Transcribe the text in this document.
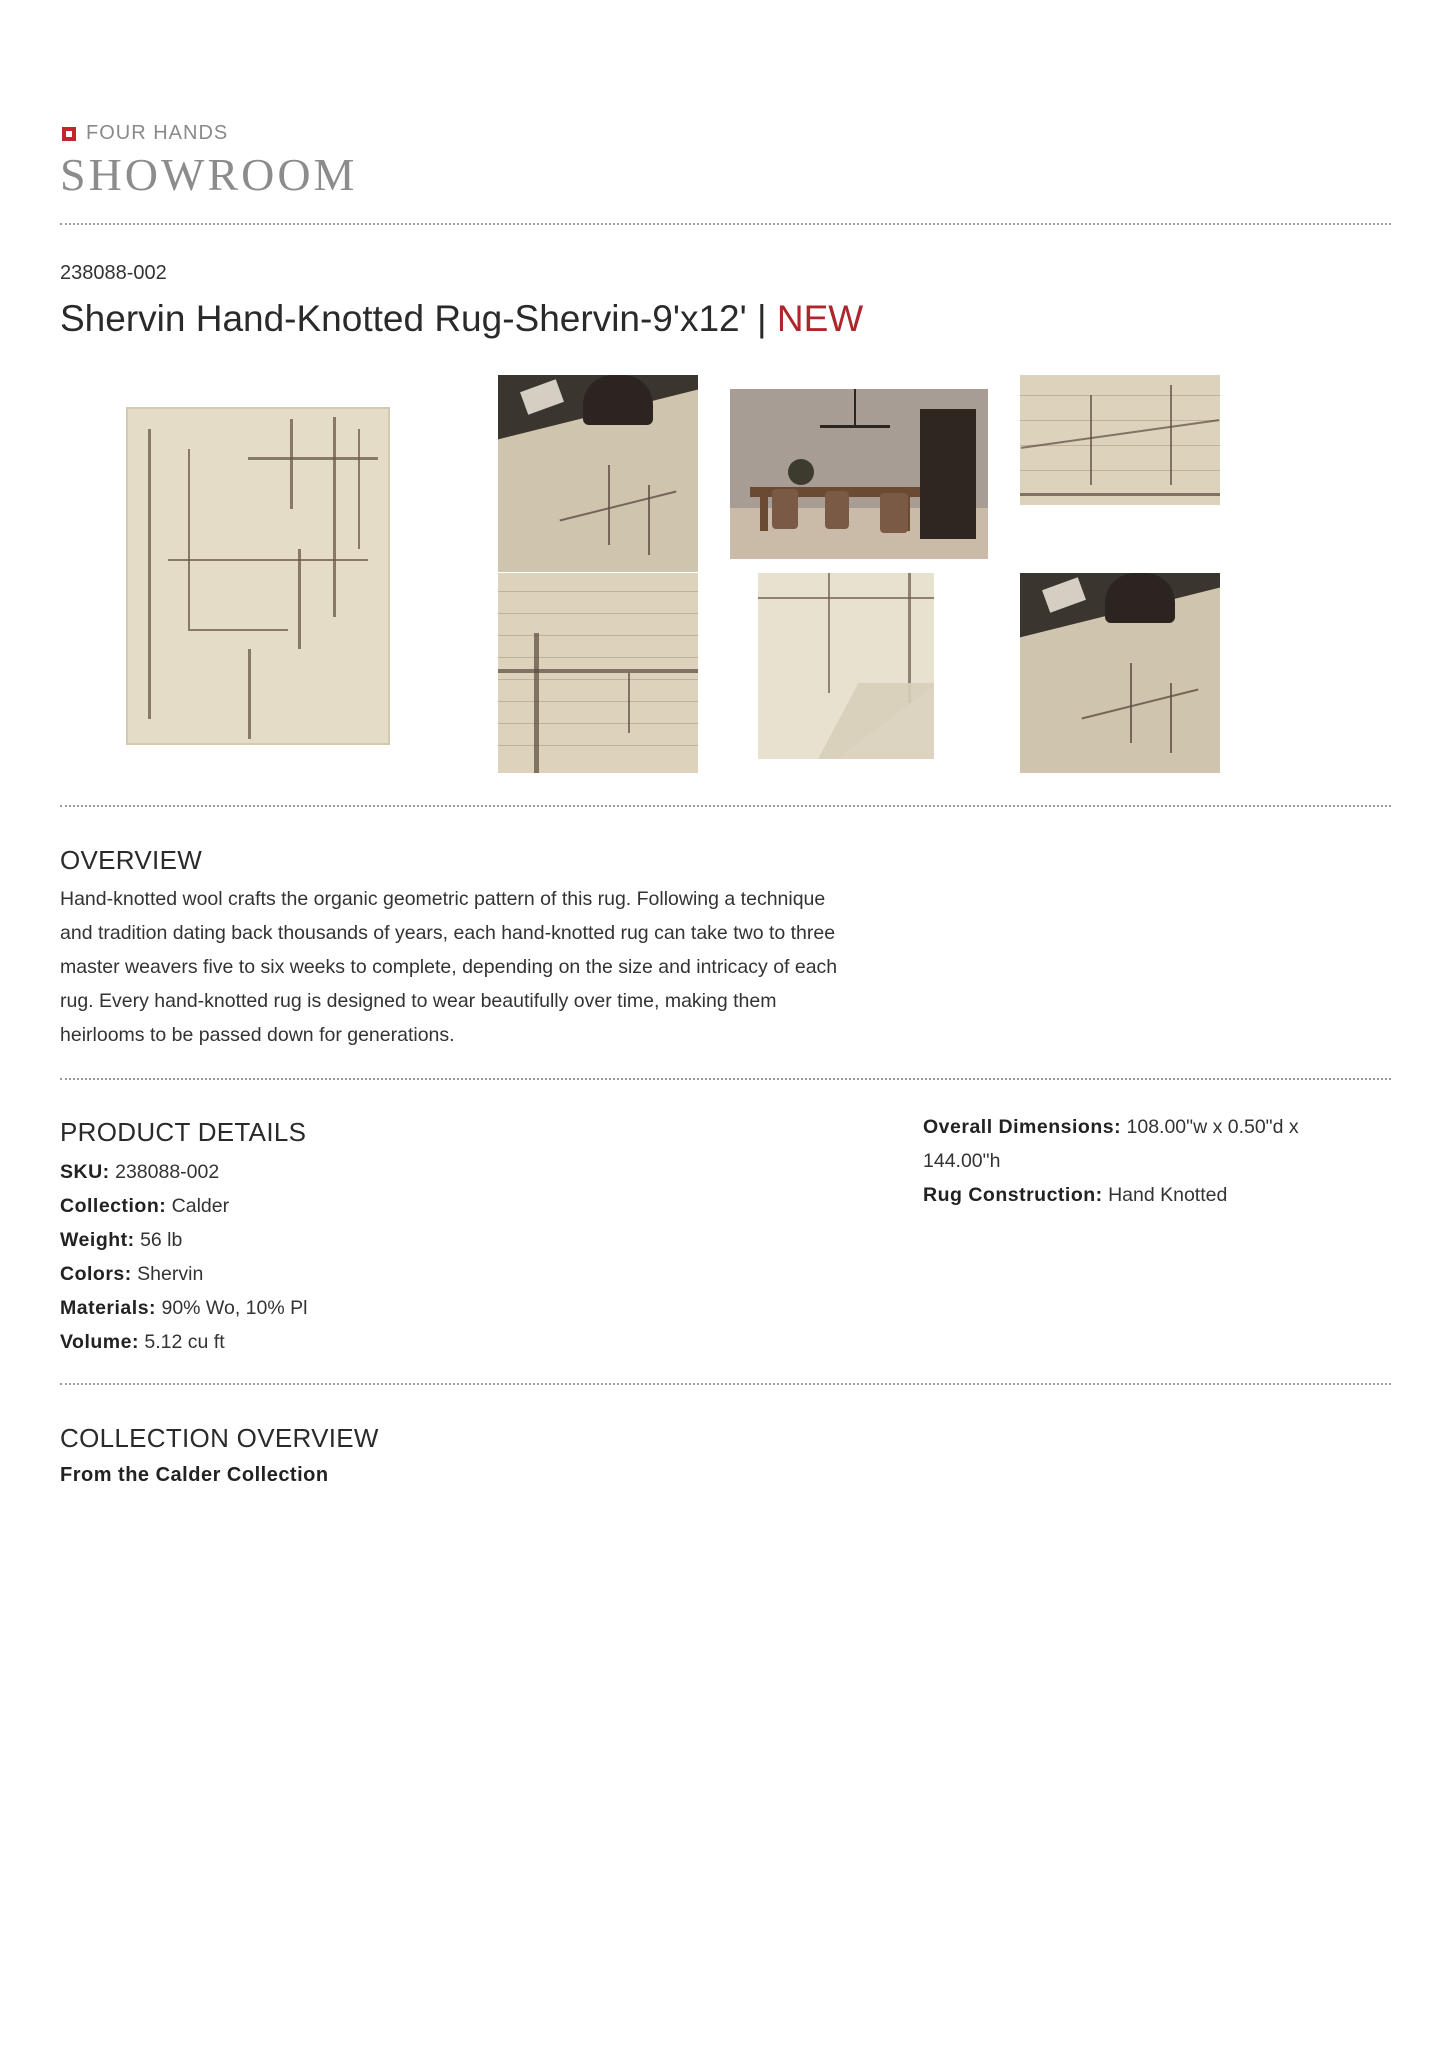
FOUR HANDS
SHOWROOM
238088-002
Shervin Hand-Knotted Rug-Shervin-9'x12' | NEW
OVERVIEW
Hand-knotted wool crafts the organic geometric pattern of this rug. Following a technique
and tradition dating back thousands of years, each hand-knotted rug can take two to three
master weavers five to six weeks to complete, depending on the size and intricacy of each
rug. Every hand-knotted rug is designed to wear beautifully over time, making them
heirlooms to be passed down for generations.
PRODUCT DETAILS
SKU: 238088-002
Collection: Calder
Weight: 56 lb
Colors: Shervin
Materials: 90% Wo, 10% Pl
Volume: 5.12 cu ft
Overall Dimensions: 108.00"w x 0.50"d x
144.00"h
Rug Construction: Hand Knotted
COLLECTION OVERVIEW
From the Calder Collection
